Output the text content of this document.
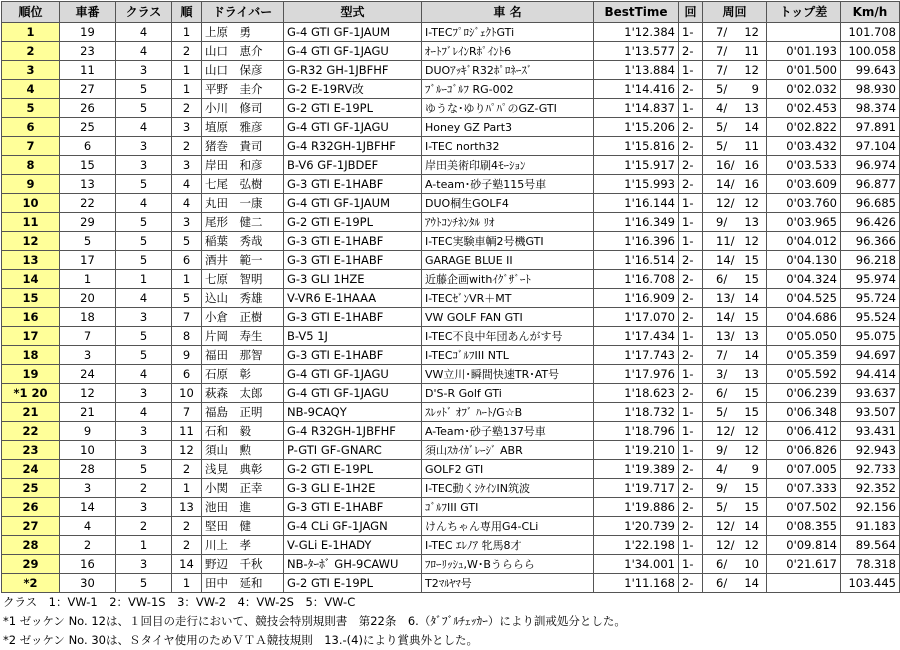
順位	車番	クラス	順	ドライバー	型式	車 名	BestTime	回	周回	トップ差	Km/h
1	19	4	1	上原　勇	G-4 GTI GF-1JAUM	I-TECﾌﾟﾛｼﾞｪｸﾄGTi	1'12.384	1-	7/ 12		101.708
2	23	4	2	山口　恵介	G-4 GTI GF-1JAGU	ｵｰﾄﾌﾞﾚｲﾝRﾎﾟｲﾝﾄ6	1'13.577	2-	7/ 11	0'01.193	100.058
3	11	3	1	山口　保彦	G-R32 GH-1JBFHF	DUOｱｯｷﾞR32ﾎﾟﾛﾈｰｽﾞ	1'13.884	1-	7/ 12	0'01.500	99.643
4	27	5	1	平野　圭介	G-2 E-19RV改	ﾌﾞﾙｰｺﾞﾙﾌ RG-002	1'14.416	2-	5/ 9	0'02.032	98.930
5	26	5	2	小川　修司	G-2 GTI E-19PL	ゆうな･ゆりﾊﾟﾊﾟのGZ-GTI	1'14.837	1-	4/ 13	0'02.453	98.374
6	25	4	3	埴原　雅彦	G-4 GTI GF-1JAGU	Honey GZ Part3	1'15.206	2-	5/ 14	0'02.822	97.891
7	6	3	2	猪巻　貴司	G-4 R32GH-1JBFHF	I-TEC north32	1'15.816	2-	5/ 11	0'03.432	97.104
8	15	3	3	岸田　和彦	B-V6 GF-1JBDEF	岸田美術印刷4ﾓｰｼｮﾝ	1'15.917	2-	16/ 16	0'03.533	96.974
9	13	5	4	七尾　弘樹	G-3 GTI E-1HABF	A-team･砂子塾115号車	1'15.993	2-	14/ 16	0'03.609	96.877
10	22	4	4	丸田　一康	G-4 GTI GF-1JAUM	DUO桐生GOLF4	1'16.144	1-	12/ 12	0'03.760	96.685
11	29	5	3	尾形　健二	G-2 GTI E-19PL	ｱｳﾄｺﾝﾁﾈﾝﾀﾙ ﾘｵ	1'16.349	1-	9/ 13	0'03.965	96.426
12	5	5	5	稲葉　秀哉	G-3 GTI E-1HABF	I-TEC実験車輌2号機GTI	1'16.396	1-	11/ 12	0'04.012	96.366
13	17	5	6	酒井　範一	G-3 GTI E-1HABF	GARAGE BLUE II	1'16.514	2-	14/ 15	0'04.130	96.218
14	1	1	1	七原　智明	G-3 GLI 1HZE	近藤企画withｲｸﾞｻﾞｰﾄ	1'16.708	2-	6/ 15	0'04.324	95.974
15	20	4	5	込山　秀雄	V-VR6 E-1HAAA	I-TECｾﾞﾝVR＋MT	1'16.909	2-	13/ 14	0'04.525	95.724
16	18	3	7	小倉　正樹	G-3 GTI E-1HABF	VW GOLF FAN GTI	1'17.070	2-	14/ 15	0'04.686	95.524
17	7	5	8	片岡　寿生	B-V5 1J	I-TEC不良中年団あんがす号	1'17.434	1-	13/ 13	0'05.050	95.075
18	3	5	9	福田　那智	G-3 GTI E-1HABF	I-TECｺﾞﾙﾌIII NTL	1'17.743	2-	7/ 14	0'05.359	94.697
19	24	4	6	石原　彰	G-4 GTI GF-1JAGU	VW立川･瞬間快速TR･AT号	1'17.976	1-	3/ 13	0'05.592	94.414
*1 20	12	3	10	萩森　太郎	G-4 GTI GF-1JAGU	D'S-R Golf GTi	1'18.623	2-	6/ 15	0'06.239	93.637
21	21	4	7	福島　正明	NB-9CAQY	ｽﾚｯﾄﾞ ｵﾌﾞ ﾊｰﾄ/G☆B	1'18.732	1-	5/ 15	0'06.348	93.507
22	9	3	11	石和　毅	G-4 R32GH-1JBFHF	A-Team･砂子塾137号車	1'18.796	1-	12/ 12	0'06.412	93.431
23	10	3	12	須山　勲	P-GTI GF-GNARC	須山ｽｶｲｶﾞﾚｰｼﾞ ABR	1'19.210	1-	9/ 12	0'06.826	92.943
24	28	5	2	浅見　典彰	G-2 GTI E-19PL	GOLF2 GTI	1'19.389	2-	4/ 9	0'07.005	92.733
25	3	2	1	小関　正幸	G-3 GLI E-1H2E	I-TEC動くｼｹｲﾝIN筑波	1'19.717	2-	9/ 15	0'07.333	92.352
26	14	3	13	池田　進	G-3 GTI E-1HABF	ｺﾞﾙﾌIII GTI	1'19.886	2-	5/ 15	0'07.502	92.156
27	4	2	2	堅田　健	G-4 CLi GF-1JAGN	けんちゃん専用G4-CLi	1'20.739	2-	12/ 14	0'08.355	91.183
28	2	1	2	川上　孝	V-GLi E-1HADY	I-TEC ｴﾚﾉｱ 牝馬8才	1'22.198	1-	12/ 12	0'09.814	89.564
29	16	3	14	野辺　千秋	NB-ﾀｰﾎﾞ GH-9CAWU	ﾌﾛｰﾘｯｼｭ,W･Bうららら	1'34.001	1-	6/ 10	0'21.617	78.318
*2	30	5	1	田中　延和	G-2 GTI E-19PL	T2ﾏﾙﾔﾏ号	1'11.168	2-	6/ 14		103.445
クラス　1：VW-1　2：VW-1S　3：VW-2　4：VW-2S　5：VW-C
*1 ゼッケン No. 12は、１回目の走行において、競技会特別規則書　第22条　6.（ﾀﾞﾌﾞﾙﾁｪｯｶｰ）により訓戒処分とした。
*2 ゼッケン No. 30は、Ｓタイヤ使用のためＶＴＡ競技規則　13.-(4)により賞典外とした。
